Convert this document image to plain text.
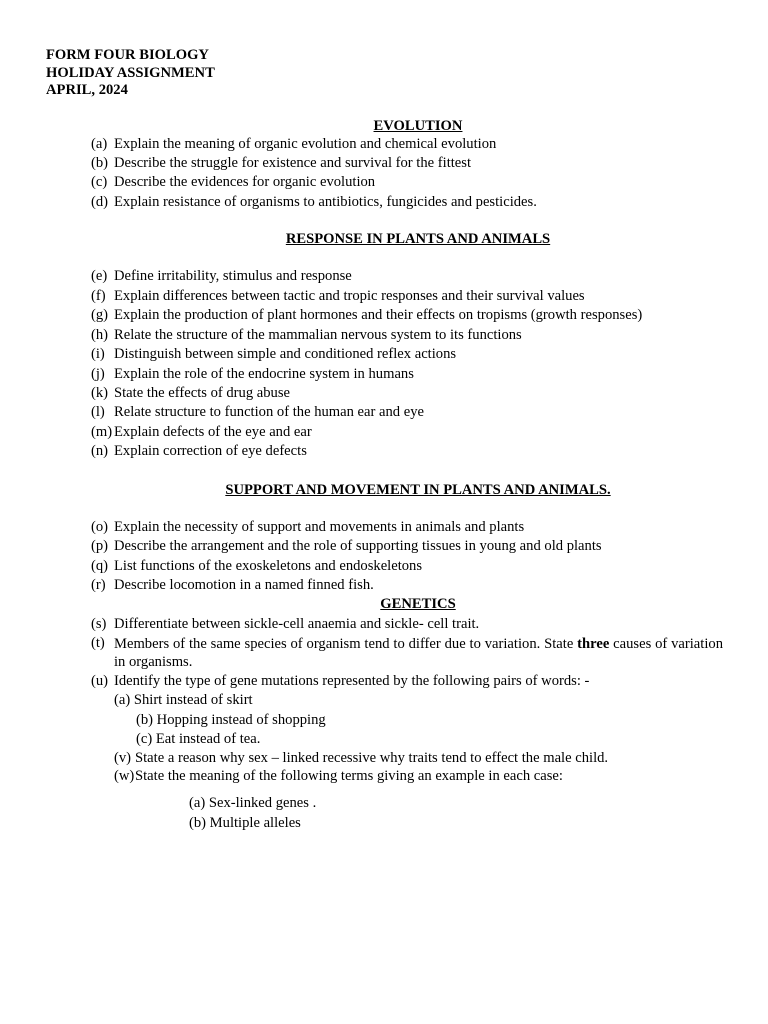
FORM FOUR BIOLOGY
HOLIDAY ASSIGNMENT
APRIL, 2024
EVOLUTION
(a) Explain the meaning of organic evolution and chemical evolution
(b) Describe the struggle for existence and survival for the fittest
(c) Describe the evidences for organic evolution
(d) Explain resistance of organisms to antibiotics, fungicides and pesticides.
RESPONSE IN PLANTS AND ANIMALS
(e) Define irritability, stimulus and response
(f) Explain differences between tactic and tropic responses and their survival values
(g) Explain the production of plant hormones and their effects on tropisms (growth responses)
(h) Relate the structure of the mammalian nervous system to its functions
(i) Distinguish between simple and conditioned reflex actions
(j) Explain the role of the endocrine system in humans
(k) State the effects of drug abuse
(l) Relate structure to function of the human ear and eye
(m) Explain defects of the eye and ear
(n) Explain correction of eye defects
SUPPORT AND MOVEMENT IN PLANTS AND ANIMALS.
(o) Explain the necessity of support and movements in animals and plants
(p) Describe the arrangement and the role of supporting tissues in young and old plants
(q) List functions of the exoskeletons and endoskeletons
(r) Describe locomotion in a named finned fish.
GENETICS
(s) Differentiate between sickle-cell anaemia and sickle- cell trait.
(t) Members of the same species of organism tend to differ due to variation. State three causes of variation in organisms.
(u) Identify the type of gene mutations represented by the following pairs of words: -
(a) Shirt instead of skirt
(b) Hopping instead of shopping
(c) Eat instead of tea.
(v) State a reason why sex – linked recessive why traits tend to effect the male child.
(w) State the meaning of the following terms giving an example in each case:
(a) Sex-linked genes .
(b) Multiple alleles
